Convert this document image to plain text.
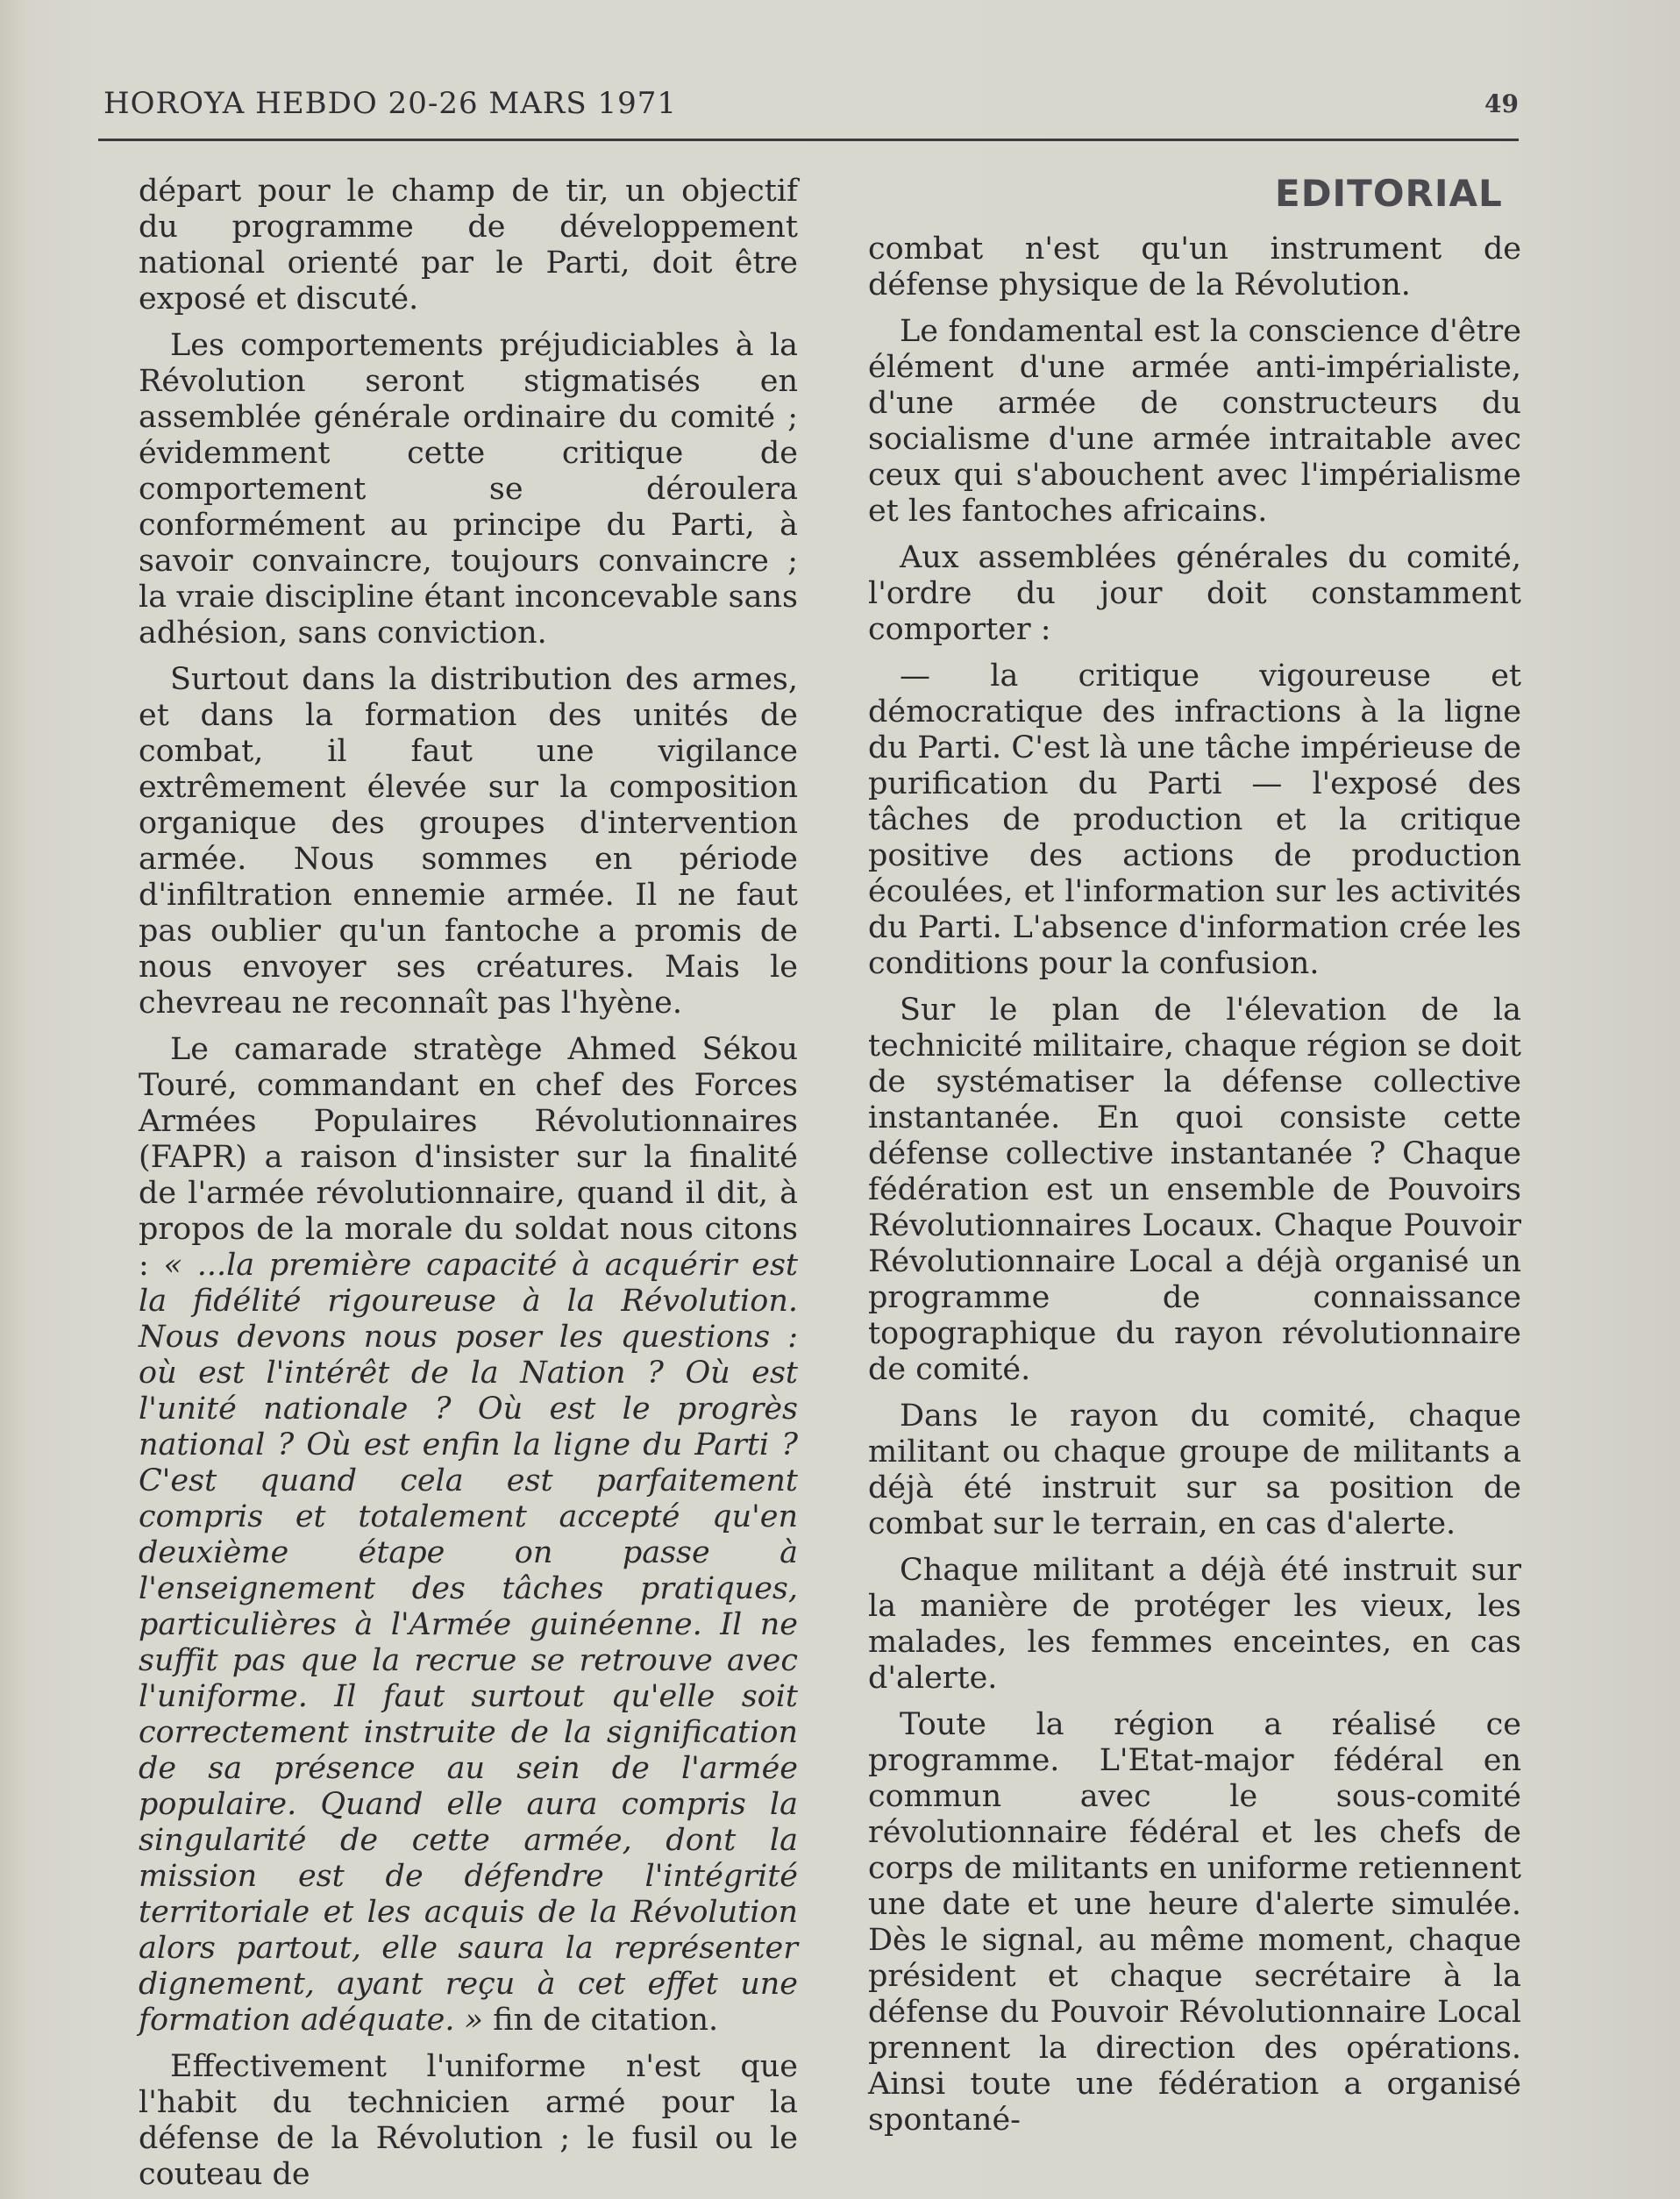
HOROYA HEBDO 20-26 MARS 1971	49
EDITORIAL

départ pour le champ de tir, un objectif du programme de développement national orienté par le Parti, doit être exposé et discuté.

Les comportements préjudiciables à la Révolution seront stigmatisés en assemblée générale ordinaire du comité ; évidemment cette critique de comportement se déroulera conformément au principe du Parti, à savoir convaincre, toujours convaincre ; la vraie discipline étant inconcevable sans adhésion, sans conviction.

Surtout dans la distribution des armes, et dans la formation des unités de combat, il faut une vigilance extrêmement élevée sur la composition organique des groupes d'intervention armée. Nous sommes en période d'infiltration ennemie armée. Il ne faut pas oublier qu'un fantoche a promis de nous envoyer ses créatures. Mais le chevreau ne reconnaît pas l'hyène.

Le camarade stratège Ahmed Sékou Touré, commandant en chef des Forces Armées Populaires Révolutionnaires (FAPR) a raison d'insister sur la finalité de l'armée révolutionnaire, quand il dit, à propos de la morale du soldat nous citons : « ...la première capacité à acquérir est la fidélité rigoureuse à la Révolution. Nous devons nous poser les questions : où est l'intérêt de la Nation ? Où est l'unité nationale ? Où est le progrès national ? Où est enfin la ligne du Parti ? C'est quand cela est parfaitement compris et totalement accepté qu'en deuxième étape on passe à l'enseignement des tâches pratiques, particulières à l'Armée guinéenne. Il ne suffit pas que la recrue se retrouve avec l'uniforme. Il faut surtout qu'elle soit correctement instruite de la signification de sa présence au sein de l'armée populaire. Quand elle aura compris la singularité de cette armée, dont la mission est de défendre l'intégrité territoriale et les acquis de la Révolution alors partout, elle saura la représenter dignement, ayant reçu à cet effet une formation adéquate. » fin de citation.

Effectivement l'uniforme n'est que l'habit du technicien armé pour la défense de la Révolution ; le fusil ou le couteau de

combat n'est qu'un instrument de défense physique de la Révolution.

Le fondamental est la conscience d'être élément d'une armée anti-impérialiste, d'une armée de constructeurs du socialisme d'une armée intraitable avec ceux qui s'abouchent avec l'impérialisme et les fantoches africains.

Aux assemblées générales du comité, l'ordre du jour doit constamment comporter :

— la critique vigoureuse et démocratique des infractions à la ligne du Parti. C'est là une tâche impérieuse de purification du Parti — l'exposé des tâches de production et la critique positive des actions de production écoulées, et l'information sur les activités du Parti. L'absence d'information crée les conditions pour la confusion.

Sur le plan de l'élevation de la technicité militaire, chaque région se doit de systématiser la défense collective instantanée. En quoi consiste cette défense collective instantanée ? Chaque fédération est un ensemble de Pouvoirs Révolutionnaires Locaux. Chaque Pouvoir Révolutionnaire Local a déjà organisé un programme de connaissance topographique du rayon révolutionnaire de comité.

Dans le rayon du comité, chaque militant ou chaque groupe de militants a déjà été instruit sur sa position de combat sur le terrain, en cas d'alerte.

Chaque militant a déjà été instruit sur la manière de protéger les vieux, les malades, les femmes enceintes, en cas d'alerte.

Toute la région a réalisé ce programme. L'Etat-major fédéral en commun avec le sous-comité révolutionnaire fédéral et les chefs de corps de militants en uniforme retiennent une date et une heure d'alerte simulée. Dès le signal, au même moment, chaque président et chaque secrétaire à la défense du Pouvoir Révolutionnaire Local prennent la direction des opérations. Ainsi toute une fédération a organisé spontané-
